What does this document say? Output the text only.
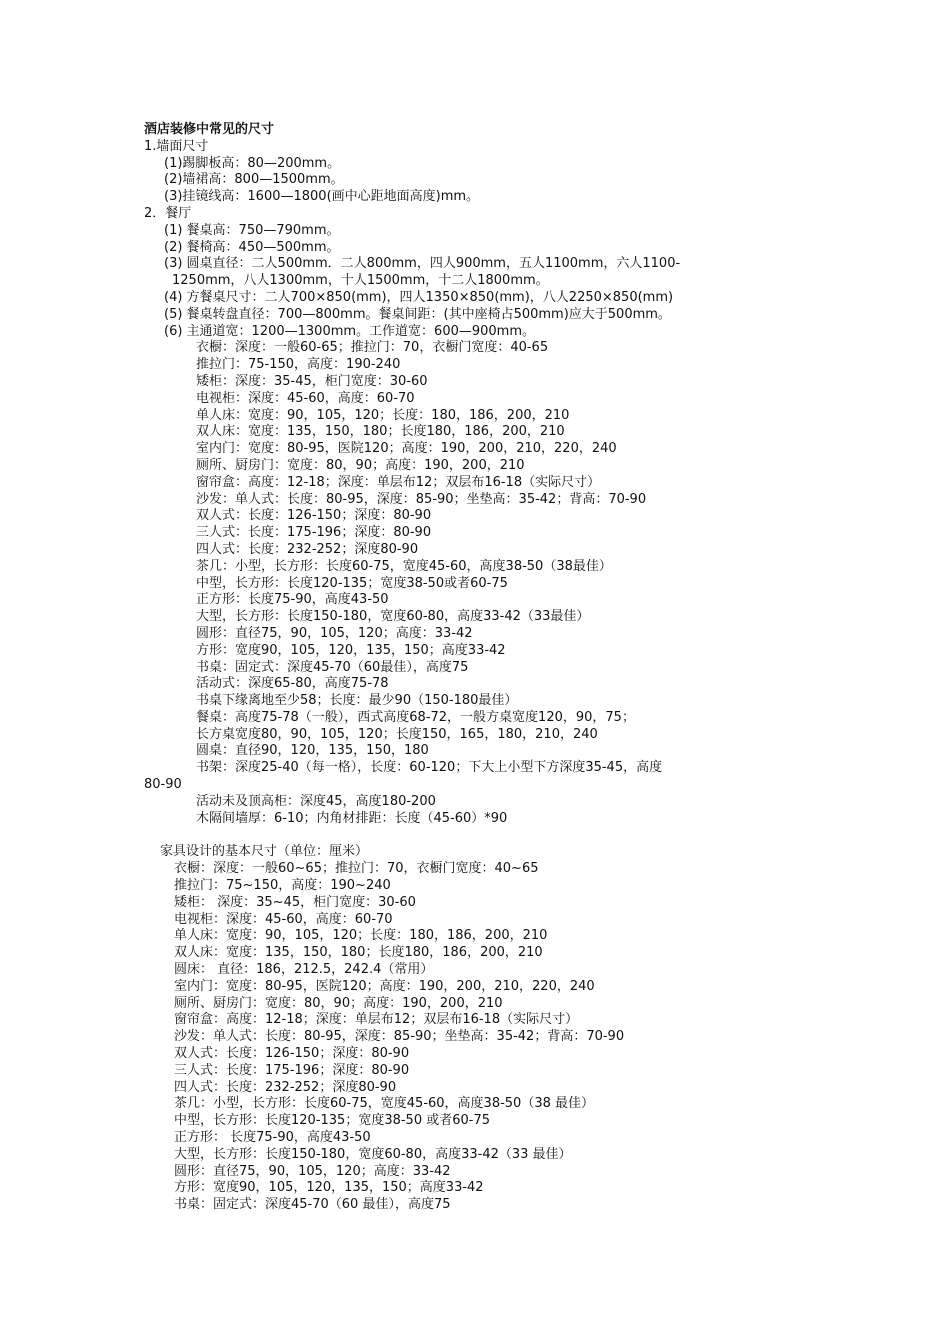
酒店装修中常见的尺寸
1.墙面尺寸
(1)踢脚板高：80—200mm。
(2)墙裙高：800—1500mm。
(3)挂镜线高：1600—1800(画中心距地面高度)mm。
2．餐厅
(1) 餐桌高：750—790mm。
(2) 餐椅高：450—500mm。
(3) 圆桌直径：二人500mm．二人800mm，四人900mm，五人1100mm，六人1100-
1250mm，八人1300mm，十人1500mm，十二人1800mm。
(4) 方餐桌尺寸：二人700×850(mm)，四人1350×850(mm)，八人2250×850(mm)
(5) 餐桌转盘直径：700—800mm。餐桌间距：(其中座椅占500mm)应大于500mm。
(6) 主通道宽：1200—1300mm。工作道宽：600—900mm。
衣橱：深度：一般60-65；推拉门：70，衣橱门宽度：40-65
推拉门：75-150，高度：190-240
矮柜：深度：35-45，柜门宽度：30-60
电视柜：深度：45-60，高度：60-70
单人床：宽度：90，105，120；长度：180，186，200，210
双人床：宽度：135，150，180；长度180，186，200，210
室内门：宽度：80-95，医院120；高度：190，200，210，220，240
厕所、厨房门：宽度：80，90；高度：190，200，210
窗帘盒：高度：12-18；深度：单层布12；双层布16-18（实际尺寸）
沙发：单人式：长度：80-95，深度：85-90；坐垫高：35-42；背高：70-90
双人式：长度：126-150；深度：80-90
三人式：长度：175-196；深度：80-90
四人式：长度：232-252；深度80-90
茶几：小型，长方形：长度60-75，宽度45-60，高度38-50（38最佳）
中型，长方形：长度120-135；宽度38-50或者60-75
正方形：长度75-90，高度43-50
大型，长方形：长度150-180，宽度60-80，高度33-42（33最佳）
圆形：直径75，90，105，120；高度：33-42
方形：宽度90，105，120，135，150；高度33-42
书桌：固定式：深度45-70（60最佳），高度75
活动式：深度65-80，高度75-78
书桌下缘离地至少58；长度：最少90（150-180最佳）
餐桌：高度75-78（一般），西式高度68-72，一般方桌宽度120，90，75；
长方桌宽度80，90，105，120；长度150，165，180，210，240
圆桌：直径90，120，135，150，180
书架：深度25-40（每一格），长度：60-120；下大上小型下方深度35-45，高度
80-90
活动未及顶高柜：深度45，高度180-200
木隔间墙厚：6-10；内角材排距：长度（45-60）*90
家具设计的基本尺寸（单位：厘米）
衣橱：深度：一般60~65；推拉门：70，衣橱门宽度：40~65
推拉门：75~150，高度：190~240
矮柜： 深度：35~45，柜门宽度：30-60
电视柜：深度：45-60，高度：60-70
单人床：宽度：90，105，120；长度：180，186，200，210
双人床：宽度：135，150，180；长度180，186，200，210
圆床： 直径：186，212.5，242.4（常用）
室内门：宽度：80-95，医院120；高度：190，200，210，220，240
厕所、厨房门：宽度：80，90；高度：190，200，210
窗帘盒：高度：12-18；深度：单层布12；双层布16-18（实际尺寸）
沙发：单人式：长度：80-95，深度：85-90；坐垫高：35-42；背高：70-90
双人式：长度：126-150；深度：80-90
三人式：长度：175-196；深度：80-90
四人式：长度：232-252；深度80-90
茶几：小型，长方形：长度60-75，宽度45-60，高度38-50（38 最佳）
中型，长方形：长度120-135；宽度38-50 或者60-75
正方形： 长度75-90，高度43-50
大型，长方形：长度150-180，宽度60-80，高度33-42（33 最佳）
圆形：直径75，90，105，120；高度：33-42
方形：宽度90，105，120，135，150；高度33-42
书桌：固定式：深度45-70（60 最佳），高度75
